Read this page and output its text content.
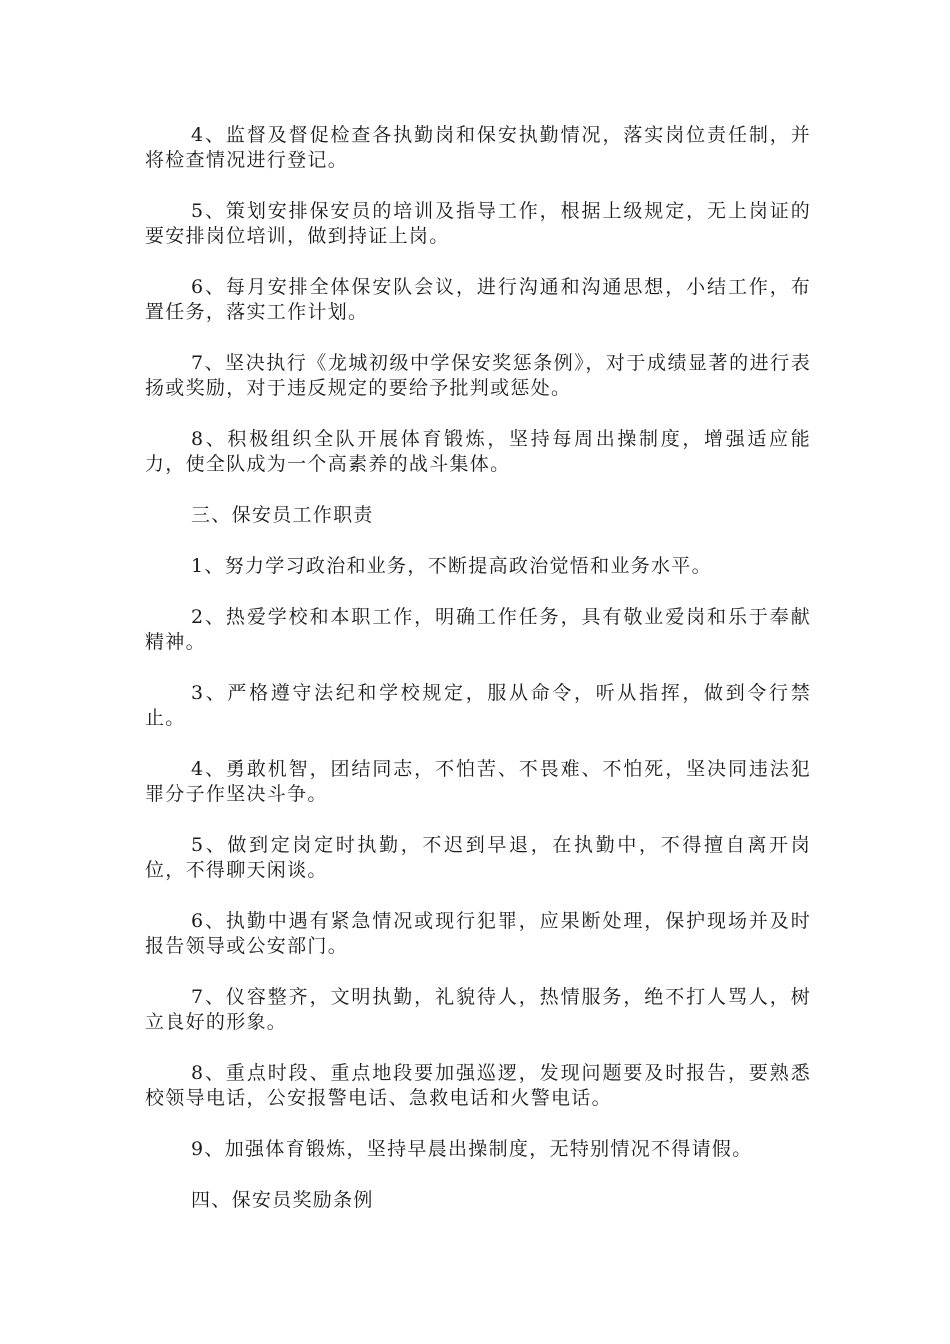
4、监督及督促检查各执勤岗和保安执勤情况，落实岗位责任制，并将检查情况进行登记。

5、策划安排保安员的培训及指导工作，根据上级规定，无上岗证的要安排岗位培训，做到持证上岗。

6、每月安排全体保安队会议，进行沟通和沟通思想，小结工作，布置任务，落实工作计划。

7、坚决执行《龙城初级中学保安奖惩条例》，对于成绩显著的进行表扬或奖励，对于违反规定的要给予批判或惩处。

8、积极组织全队开展体育锻炼，坚持每周出操制度，增强适应能力，使全队成为一个高素养的战斗集体。

三、保安员工作职责

1、努力学习政治和业务，不断提高政治觉悟和业务水平。

2、热爱学校和本职工作，明确工作任务，具有敬业爱岗和乐于奉献精神。

3、严格遵守法纪和学校规定，服从命令，听从指挥，做到令行禁止。

4、勇敢机智，团结同志，不怕苦、不畏难、不怕死，坚决同违法犯罪分子作坚决斗争。

5、做到定岗定时执勤，不迟到早退，在执勤中，不得擅自离开岗位，不得聊天闲谈。

6、执勤中遇有紧急情况或现行犯罪，应果断处理，保护现场并及时报告领导或公安部门。

7、仪容整齐，文明执勤，礼貌待人，热情服务，绝不打人骂人，树立良好的形象。

8、重点时段、重点地段要加强巡逻，发现问题要及时报告，要熟悉校领导电话，公安报警电话、急救电话和火警电话。

9、加强体育锻炼，坚持早晨出操制度，无特别情况不得请假。

四、保安员奖励条例
